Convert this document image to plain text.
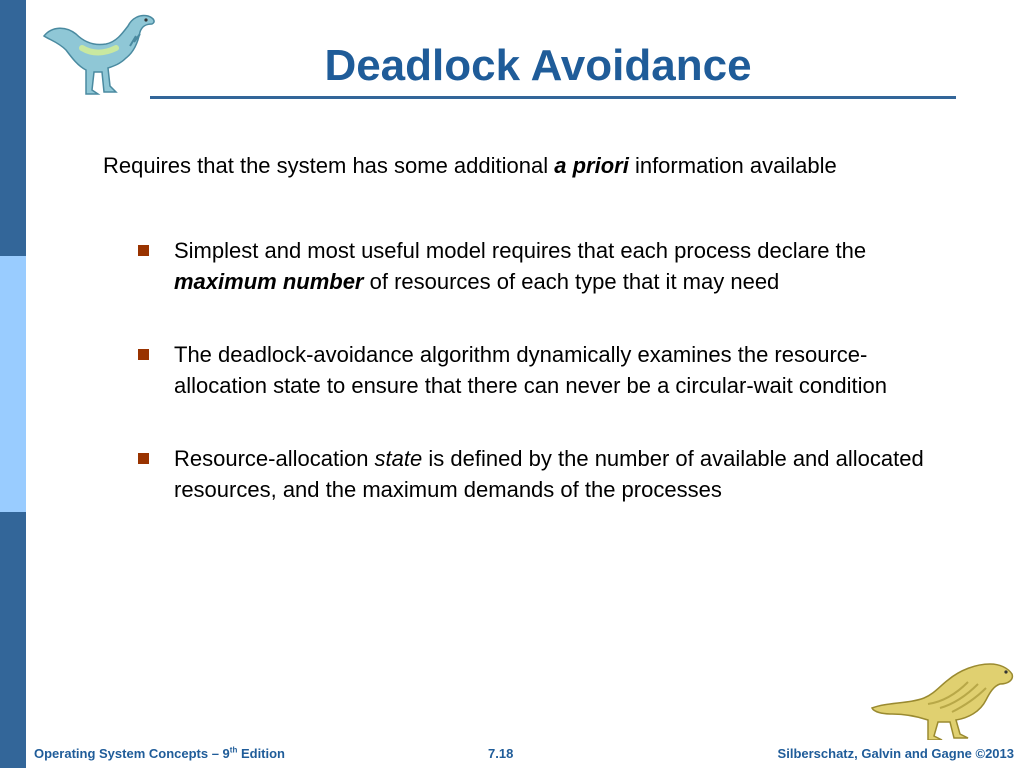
Deadlock Avoidance

Requires that the system has some additional a priori information available

Simplest and most useful model requires that each process declare the maximum number of resources of each type that it may need
The deadlock-avoidance algorithm dynamically examines the resource-allocation state to ensure that there can never be a circular-wait condition
Resource-allocation state is defined by the number of available and allocated resources, and the maximum demands of the processes
Operating System Concepts – 9th Edition	7.18	Silberschatz, Galvin and Gagne ©2013
